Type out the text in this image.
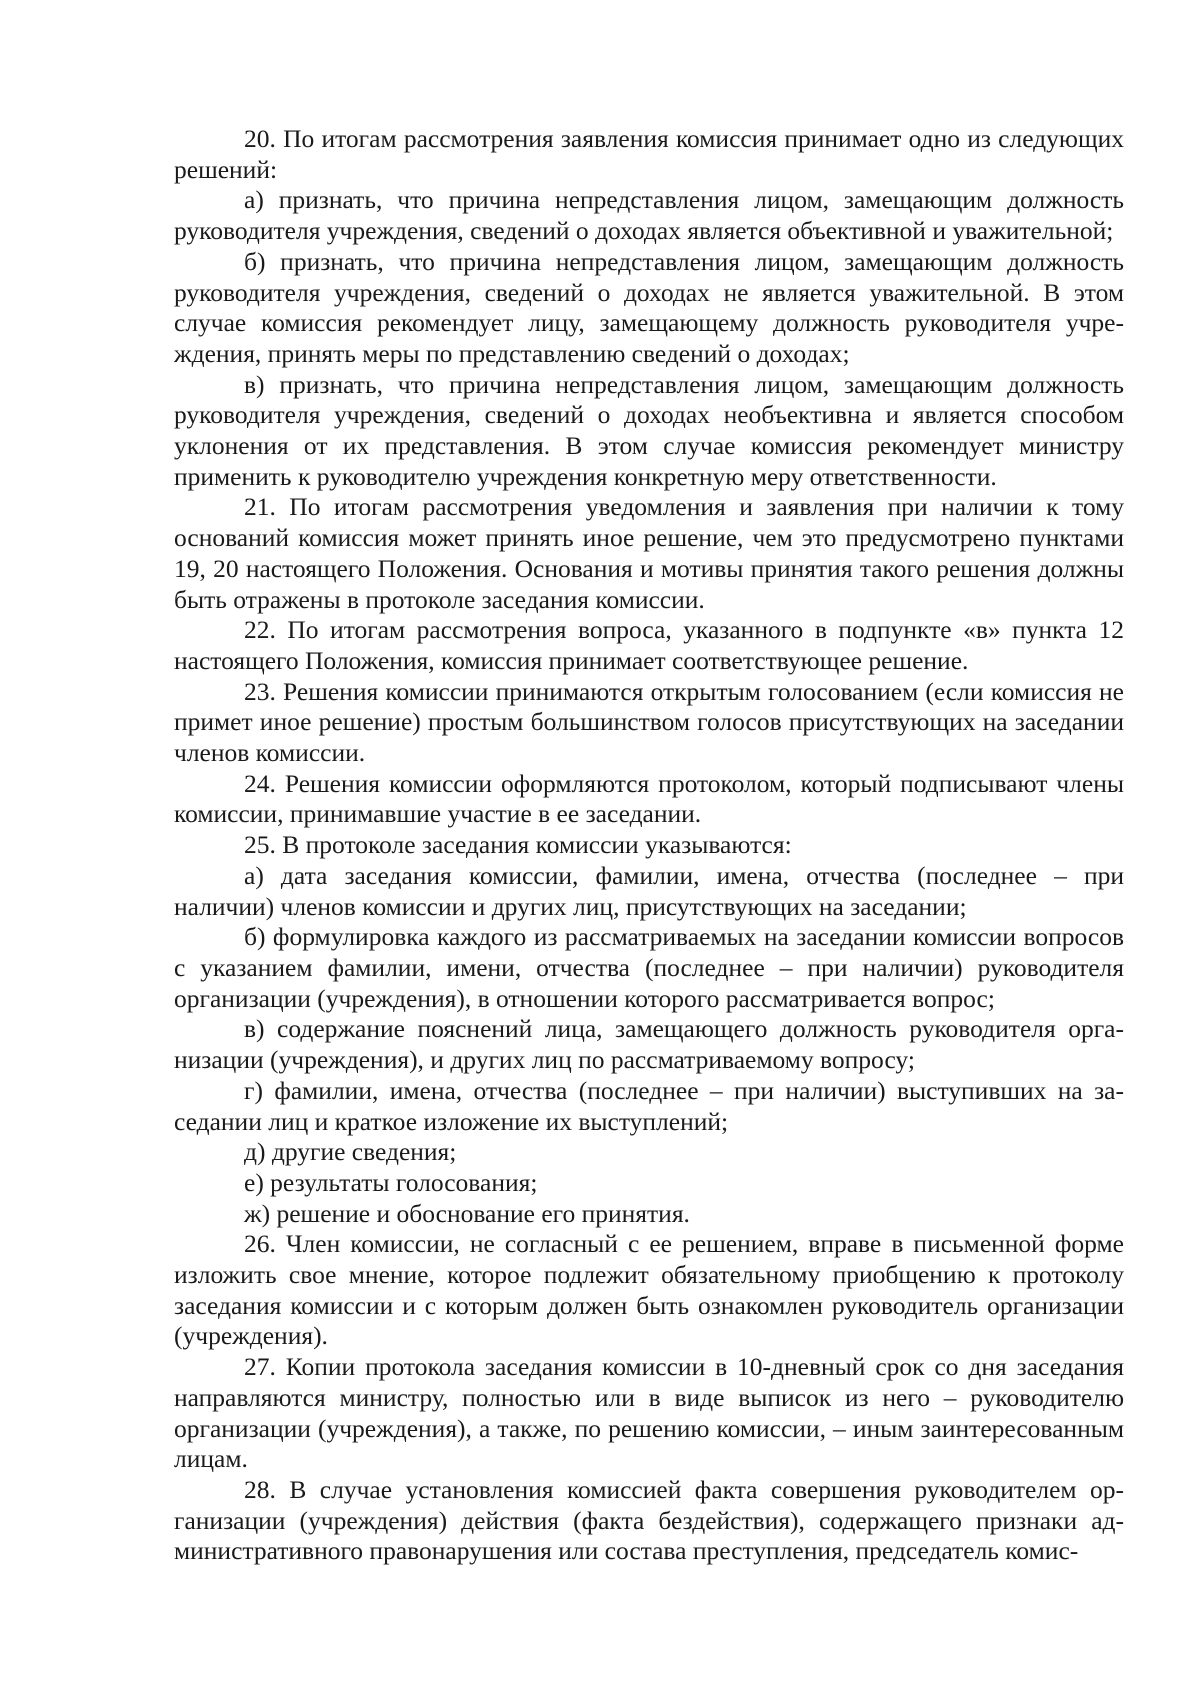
20. По итогам рассмотрения заявления комиссия принимает одно из следующих решений:

а) признать, что причина непредставления лицом, замещающим должность руководителя учреждения, сведений о доходах является объективной и уважительной;

б) признать, что причина непредставления лицом, замещающим должность руководителя учреждения, сведений о доходах не является уважительной. В этом случае комиссия рекомендует лицу, замещающему должность руководителя учреждения, принять меры по представлению сведений о доходах;

в) признать, что причина непредставления лицом, замещающим должность руководителя учреждения, сведений о доходах необъективна и является способом уклонения от их представления. В этом случае комиссия рекомендует министру применить к руководителю учреждения конкретную меру ответственности.

21. По итогам рассмотрения уведомления и заявления при наличии к тому оснований комиссия может принять иное решение, чем это предусмотрено пунктами 19, 20 настоящего Положения. Основания и мотивы принятия такого решения должны быть отражены в протоколе заседания комиссии.

22. По итогам рассмотрения вопроса, указанного в подпункте «в» пункта 12 настоящего Положения, комиссия принимает соответствующее решение.

23. Решения комиссии принимаются открытым голосованием (если комиссия не примет иное решение) простым большинством голосов присутствующих на заседании членов комиссии.

24. Решения комиссии оформляются протоколом, который подписывают члены комиссии, принимавшие участие в ее заседании.

25. В протоколе заседания комиссии указываются:

а) дата заседания комиссии, фамилии, имена, отчества (последнее – при наличии) членов комиссии и других лиц, присутствующих на заседании;

б) формулировка каждого из рассматриваемых на заседании комиссии вопросов с указанием фамилии, имени, отчества (последнее – при наличии) руководителя организации (учреждения), в отношении которого рассматривается вопрос;

в) содержание пояснений лица, замещающего должность руководителя организации (учреждения), и других лиц по рассматриваемому вопросу;

г) фамилии, имена, отчества (последнее – при наличии) выступивших на заседании лиц и краткое изложение их выступлений;

д) другие сведения;

е) результаты голосования;

ж) решение и обоснование его принятия.

26. Член комиссии, не согласный с ее решением, вправе в письменной форме изложить свое мнение, которое подлежит обязательному приобщению к протоколу заседания комиссии и с которым должен быть ознакомлен руководитель организации (учреждения).

27. Копии протокола заседания комиссии в 10-дневный срок со дня заседания направляются министру, полностью или в виде выписок из него – руководителю организации (учреждения), а также, по решению комиссии, – иным заинтересованным лицам.

28. В случае установления комиссией факта совершения руководителем организации (учреждения) действия (факта бездействия), содержащего признаки административного правонарушения или состава преступления, председатель комис-
